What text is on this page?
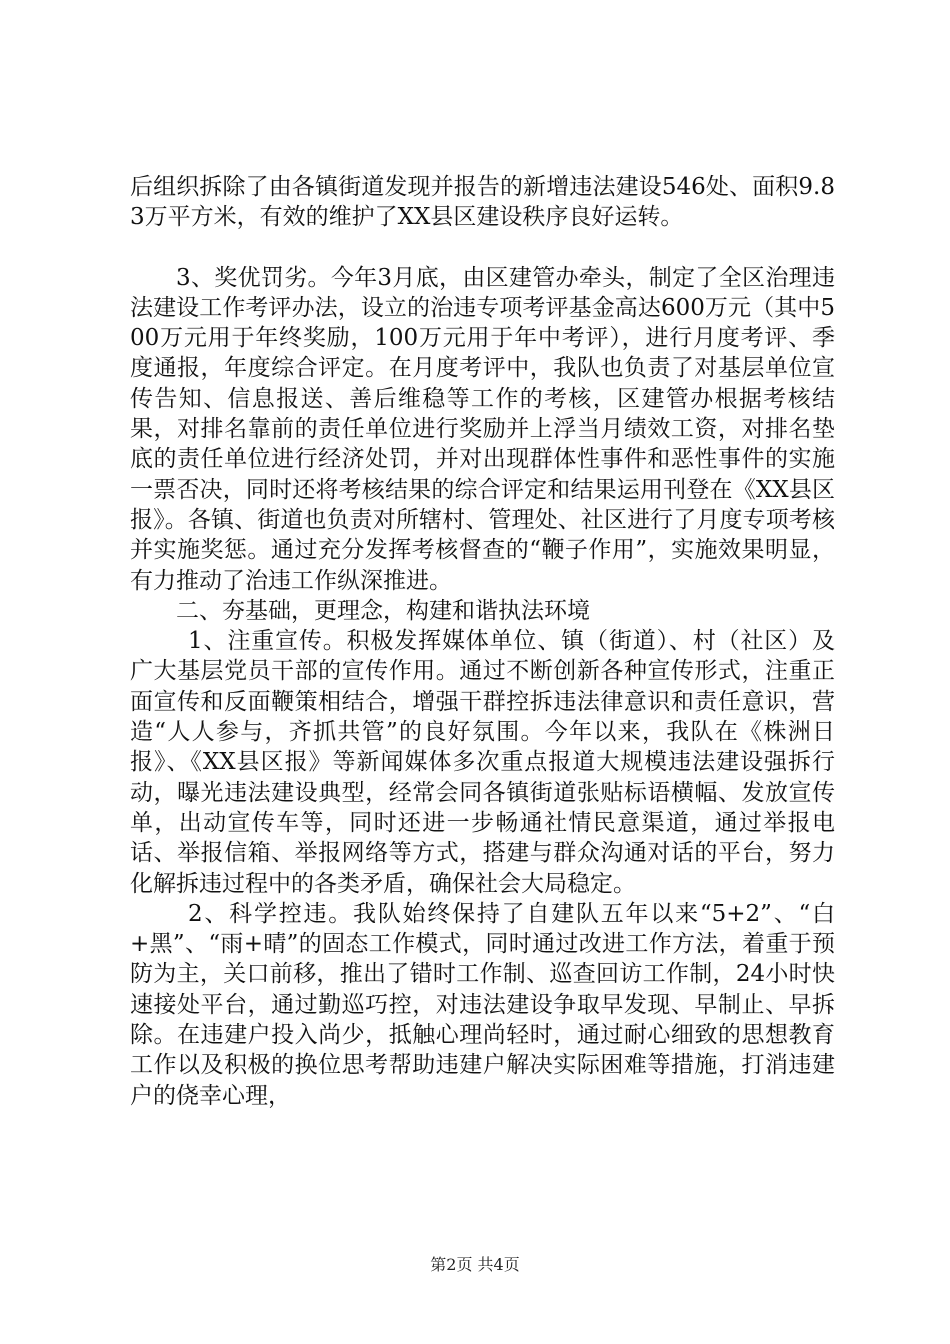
后组织拆除了由各镇街道发现并报告的新增违法建设546处、面积9.83万平方米，有效的维护了XX县区建设秩序良好运转。

3、奖优罚劣。今年3月底，由区建管办牵头，制定了全区治理违法建设工作考评办法，设立的治违专项考评基金高达600万元（其中500万元用于年终奖励，100万元用于年中考评），进行月度考评、季度通报，年度综合评定。在月度考评中，我队也负责了对基层单位宣传告知、信息报送、善后维稳等工作的考核，区建管办根据考核结果，对排名靠前的责任单位进行奖励并上浮当月绩效工资，对排名垫底的责任单位进行经济处罚，并对出现群体性事件和恶性事件的实施一票否决，同时还将考核结果的综合评定和结果运用刊登在《XX县区报》。各镇、街道也负责对所辖村、管理处、社区进行了月度专项考核并实施奖惩。通过充分发挥考核督查的“鞭子作用”，实施效果明显，有力推动了治违工作纵深推进。

二、夯基础，更理念，构建和谐执法环境

1、注重宣传。积极发挥媒体单位、镇（街道）、村（社区）及广大基层党员干部的宣传作用。通过不断创新各种宣传形式，注重正面宣传和反面鞭策相结合，增强干群控拆违法律意识和责任意识，营造“人人参与，齐抓共管”的良好氛围。今年以来，我队在《株洲日报》、《XX县区报》等新闻媒体多次重点报道大规模违法建设强拆行动，曝光违法建设典型，经常会同各镇街道张贴标语横幅、发放宣传单，出动宣传车等，同时还进一步畅通社情民意渠道，通过举报电话、举报信箱、举报网络等方式，搭建与群众沟通对话的平台，努力化解拆违过程中的各类矛盾，确保社会大局稳定。

2、科学控违。我队始终保持了自建队五年以来“5+2”、“白+黑”、“雨+晴”的固态工作模式，同时通过改进工作方法，着重于预防为主，关口前移，推出了错时工作制、巡查回访工作制，24小时快速接处平台，通过勤巡巧控，对违法建设争取早发现、早制止、早拆除。在违建户投入尚少，抵触心理尚轻时，通过耐心细致的思想教育工作以及积极的换位思考帮助违建户解决实际困难等措施，打消违建户的侥幸心理，

第2页 共4页
